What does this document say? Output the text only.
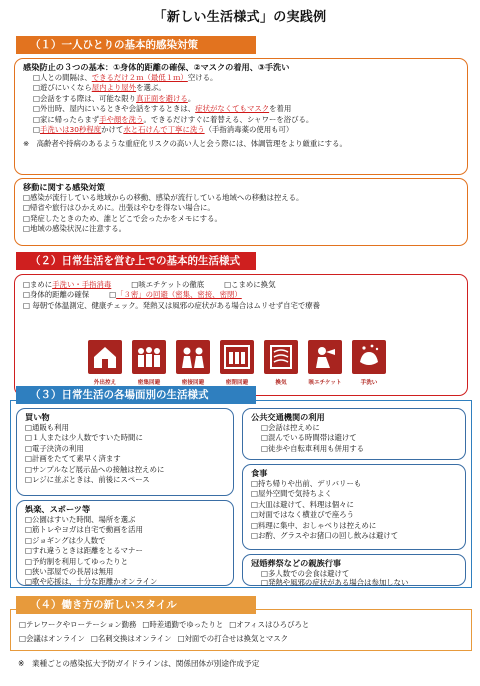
「新しい生活様式」の実践例
（１）一人ひとりの基本的感染対策
感染防止の３つの基本：①身体的距離の確保、②マスクの着用、③手洗い
□人との間隔は、できるだけ２ｍ（最低１ｍ）空ける。
□遊びにいくなら屋内より屋外を選ぶ。
□会話をする際は、可能な限り真正面を避ける。
□外出時、屋内にいるときや会話をするときは、症状がなくてもマスクを着用
□家に帰ったらまず手や顔を洗う。できるだけすぐに着替える、シャワーを浴びる。
□手洗いは30秒程度かけて水と石けんで丁寧に洗う（手指消毒薬の使用も可）
※　高齢者や持病のあるような重症化リスクの高い人と会う際には、体調管理をより厳重にする。
移動に関する感染対策
□感染が流行している地域からの移動、感染が流行している地域への移動は控える。
□帰省や旅行はひかえめに。出張はやむを得ない場合に。
□発症したときのため、誰とどこで会ったかをメモにする。
□地域の感染状況に注意する。
（２）日常生活を営む上での基本的生活様式
□まめに手洗い・手指消毒	□咳エチケットの徹底	□こまめに換気
□身体的距離の確保	□「３密」の回避（密集、密接、密閉）
□ 毎朝で体温測定、健康チェック。発熱又は風邪の症状がある場合はムリせず自宅で療養
外出控え	密集回避	密接回避	密閉回避	換気	咳エチケット	手洗い
（３）日常生活の各場面別の生活様式
買い物
□通販も利用
□１人または少人数ですいた時間に
□電子決済の利用
□計画をたてて素早く済ます
□サンプルなど展示品への接触は控えめに
□レジに並ぶときは、前後にスペース
娯楽、スポーツ等
□公園はすいた時間、場所を選ぶ
□筋トレやヨガは自宅で動画を活用
□ジョギングは少人数で
□すれ違うときは距離をとるマナー
□予約制を利用してゆったりと
□狭い部屋での長居は無用
□歌や応援は、十分な距離かオンライン
公共交通機関の利用
□会話は控えめに
□混んでいる時間帯は避けて
□徒歩や自転車利用も併用する
食事
□持ち帰りや出前、デリバリーも
□屋外空間で気持ちよく
□大皿は避けて、料理は個々に
□対面ではなく横並びで座ろう
□料理に集中、おしゃべりは控えめに
□お酌、グラスやお猪口の回し飲みは避けて
冠婚葬祭などの親族行事
□多人数での会食は避けて
□発熱や風邪の症状がある場合は参加しない
（４）働き方の新しいスタイル
□テレワークやローテーション勤務 □時差通勤でゆったりと □オフィスはひろびろと
□会議はオンライン □名刺交換はオンライン □対面での打合せは換気とマスク
※　業種ごとの感染拡大予防ガイドラインは、関係団体が別途作成予定
